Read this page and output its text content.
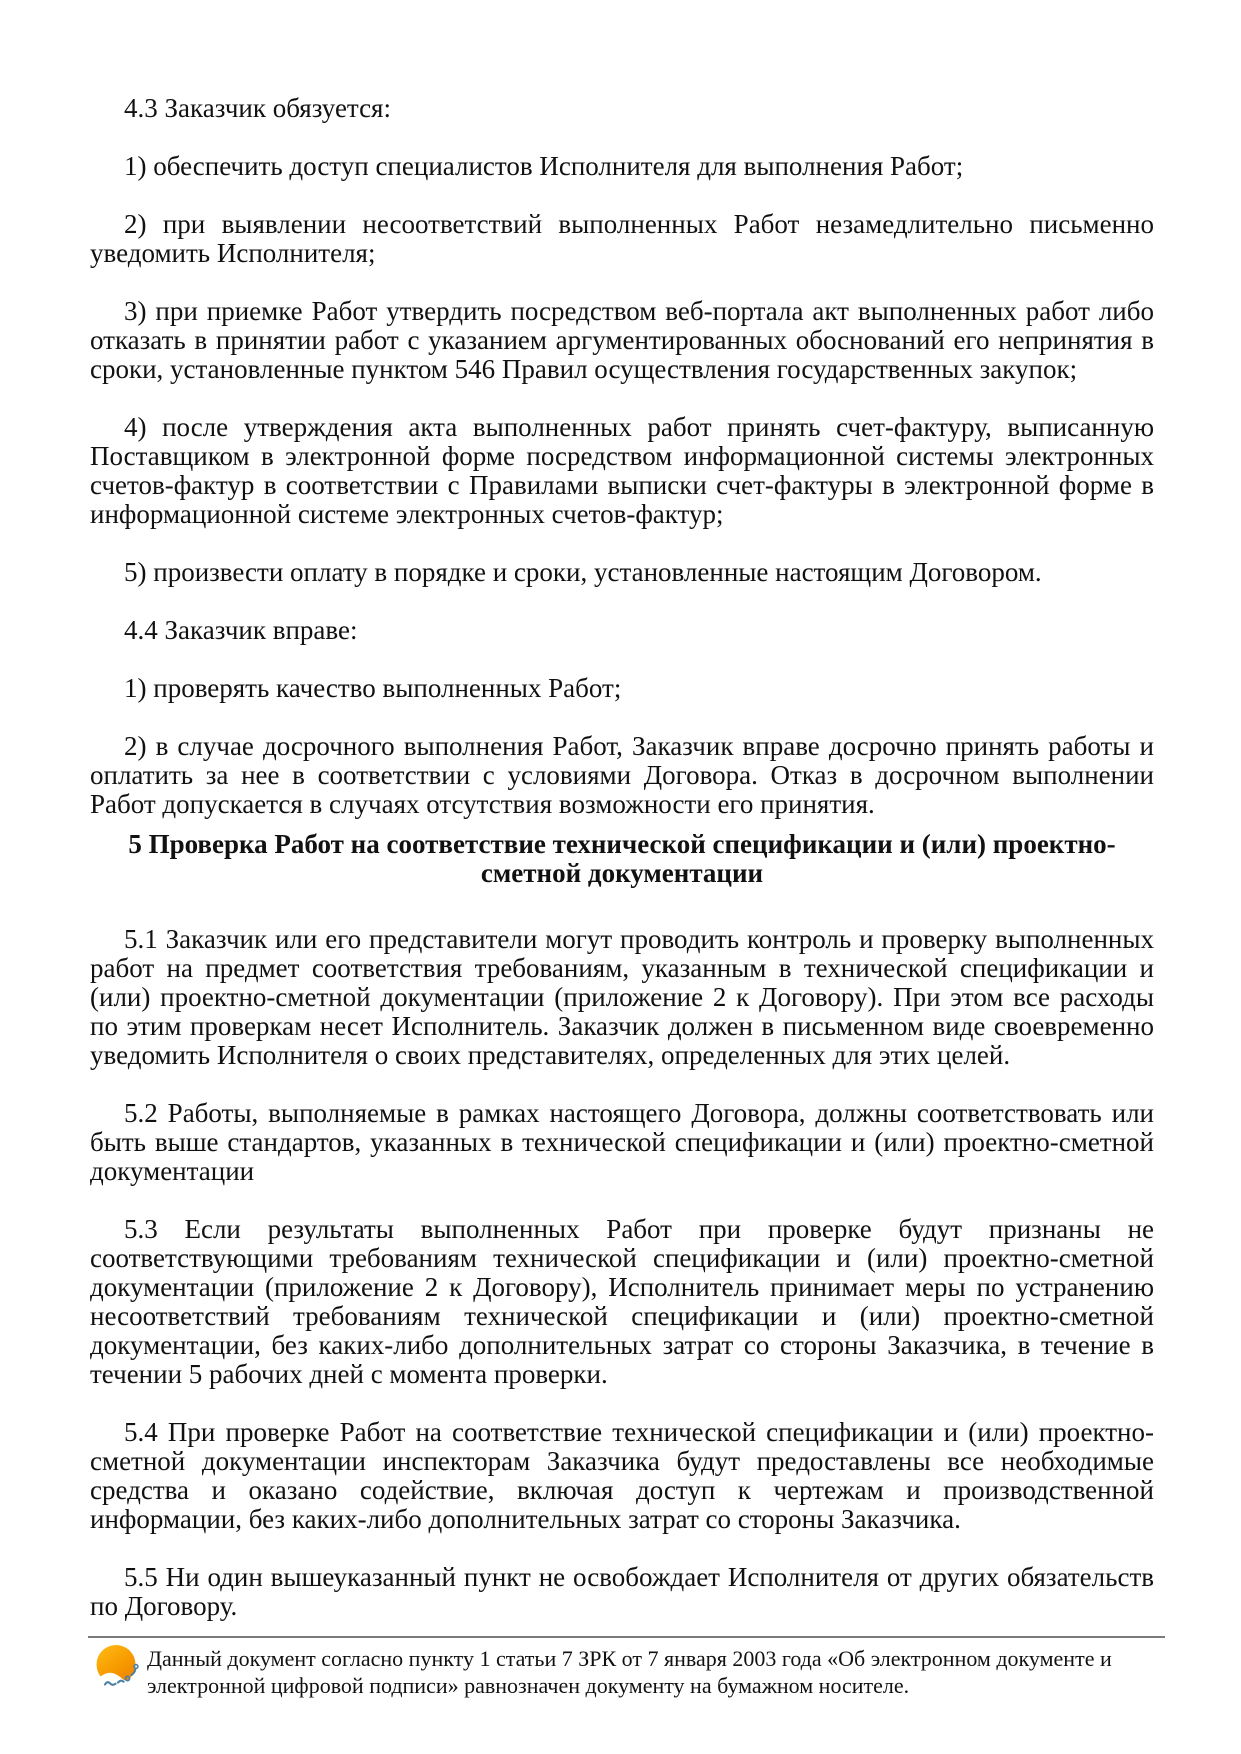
4.3 Заказчик обязуется:

1) обеспечить доступ специалистов Исполнителя для выполнения Работ;

2) при выявлении несоответствий выполненных Работ незамедлительно письменно уведомить Исполнителя;

3) при приемке Работ утвердить посредством веб-портала акт выполненных работ либо отказать в принятии работ с указанием аргументированных обоснований его непринятия в сроки, установленные пунктом 546 Правил осуществления государственных закупок;

4) после утверждения акта выполненных работ принять счет-фактуру, выписанную Поставщиком в электронной форме посредством информационной системы электронных счетов-фактур в соответствии с Правилами выписки счет-фактуры в электронной форме в информационной системе электронных счетов-фактур;

5) произвести оплату в порядке и сроки, установленные настоящим Договором.

4.4 Заказчик вправе:

1) проверять качество выполненных Работ;

2) в случае досрочного выполнения Работ, Заказчик вправе досрочно принять работы и оплатить за нее в соответствии с условиями Договора. Отказ в досрочном выполнении Работ допускается в случаях отсутствия возможности его принятия.

5 Проверка Работ на соответствие технической спецификации и (или) проектно-сметной документации

5.1 Заказчик или его представители могут проводить контроль и проверку выполненных работ на предмет соответствия требованиям, указанным в технической спецификации и (или) проектно-сметной документации (приложение 2 к Договору). При этом все расходы по этим проверкам несет Исполнитель. Заказчик должен в письменном виде своевременно уведомить Исполнителя о своих представителях, определенных для этих целей.

5.2 Работы, выполняемые в рамках настоящего Договора, должны соответствовать или быть выше стандартов, указанных в технической спецификации и (или) проектно-сметной документации

5.3 Если результаты выполненных Работ при проверке будут признаны не соответствующими требованиям технической спецификации и (или) проектно-сметной документации (приложение 2 к Договору), Исполнитель принимает меры по устранению несоответствий требованиям технической спецификации и (или) проектно-сметной документации, без каких-либо дополнительных затрат со стороны Заказчика, в течение в течении 5 рабочих дней с момента проверки.

5.4 При проверке Работ на соответствие технической спецификации и (или) проектно-сметной документации инспекторам Заказчика будут предоставлены все необходимые средства и оказано содействие, включая доступ к чертежам и производственной информации, без каких-либо дополнительных затрат со стороны Заказчика.

5.5 Ни один вышеуказанный пункт не освобождает Исполнителя от других обязательств по Договору.

Данный документ согласно пункту 1 статьи 7 ЗРК от 7 января 2003 года «Об электронном документе и
электронной цифровой подписи» равнозначен документу на бумажном носителе.
